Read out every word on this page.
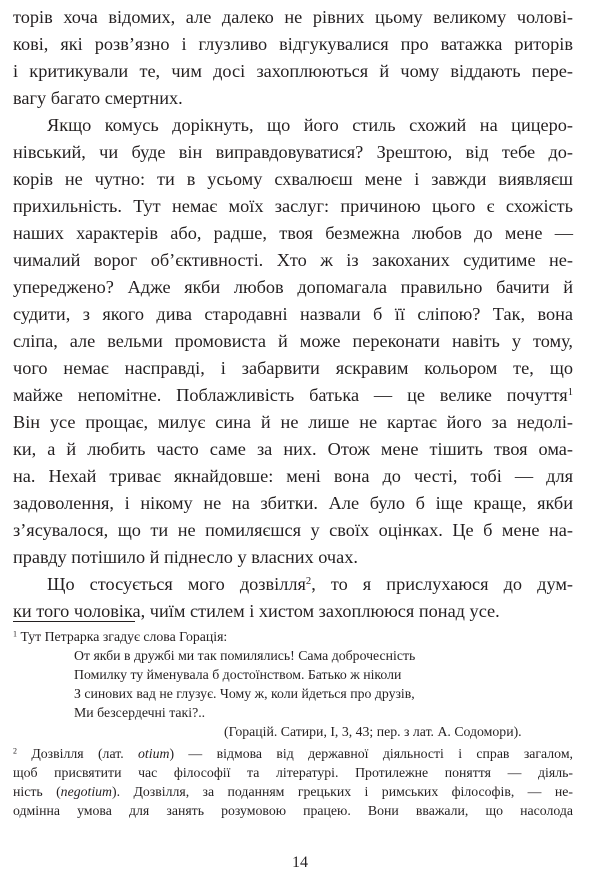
торів хоча відомих, але далеко не рівних цьому великому чолові-
кові, які розв’язно і глузливо відгукувалися про ватажка риторів
і критикували те, чим досі захоплюються й чому віддають пере-
вагу багато смертних.
Якщо комусь дорікнуть, що його стиль схожий на цицеро-
нівський, чи буде він виправдовуватися? Зрештою, від тебе до-
корів не чутно: ти в усьому схвалюєш мене і завжди виявляєш
прихильність. Тут немає моїх заслуг: причиною цього є схожість
наших характерів або, радше, твоя безмежна любов до мене —
чималий ворог об’єктивності. Хто ж із закоханих судитиме не-
упереджено? Адже якби любов допомагала правильно бачити й
судити, з якого дива стародавні назвали б її сліпою? Так, вона
сліпа, але вельми промовиста й може переконати навіть у тому,
чого немає насправді, і забарвити яскравим кольором те, що
майже непомітне. Поблажливість батька — це велике почуття$^1$
Він усе прощає, милує сина й не лише не картає його за недолі-
ки, а й любить часто саме за них. Отож мене тішить твоя ома-
на. Нехай триває якнайдовше: мені вона до честі, тобі — для
задоволення, і нікому не на збитки. Але було б іще краще, якби
з’ясувалося, що ти не помиляєшся у своїх оцінках. Це б мене на-
правду потішило й піднесло у власних очах.
Що стосується мого дозвілля$^2$, то я прислухаюся до дум-
ки того чоловіка, чиїм стилем і хистом захоплююся понад усе.
$^1$ Тут Петрарка згадує слова Горація:
От якби в дружбі ми так помилялись! Сама доброчесність
Помилку ту йменувала б достоїнством. Батько ж ніколи
З синових вад не глузує. Чому ж, коли йдеться про друзів,
Ми безсердечні такі?..
(Горацій. Сатири, I, 3, 43; пер. з лат. А. Содомори).
$^2$ Дозвілля (лат. otium) — відмова від державної діяльності і справ загалом,
щоб присвятити час філософії та літературі. Протилежне поняття — діяль-
ність (negotium). Дозвілля, за поданням грецьких і римських філософів, — не-
одмінна умова для занять розумовою працею. Вони вважали, що насолода
14
